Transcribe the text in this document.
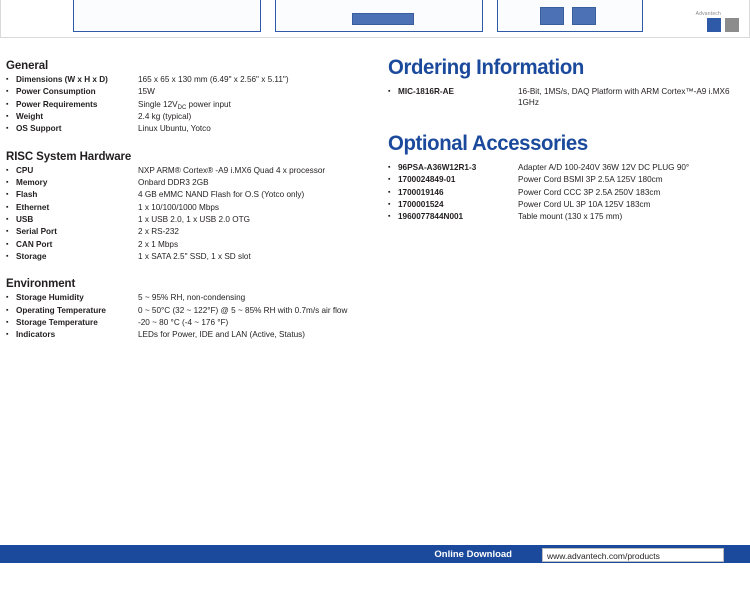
Advantech
General
▪	Dimensions (W x H x D)	165 x 65 x 130 mm (6.49" x 2.56" x 5.11")
▪	Power Consumption	15W
▪	Power Requirements	Single $12V_{DC}$ power input
▪	Weight	2.4 kg (typical)
▪	OS Support	Linux Ubuntu, Yotco
RISC System Hardware
▪	CPU	NXP ARM® Cortex® -A9 i.MX6 Quad 4 x processor
▪	Memory	Onbard DDR3 2GB
▪	Flash	4 GB eMMC NAND Flash for O.S (Yotco only)
▪	Ethernet	1 x 10/100/1000 Mbps
▪	USB	1 x USB 2.0, 1 x USB 2.0 OTG
▪	Serial Port	2 x RS-232
▪	CAN Port	2 x 1 Mbps
▪	Storage	1 x SATA 2.5" SSD, 1 x SD slot
Environment
▪	Storage Humidity	5 ~ 95% RH, non-condensing
▪	Operating Temperature	0 ~ 50°C (32 ~ 122°F) @ 5 ~ 85% RH with 0.7m/s air flow
▪	Storage Temperature	-20 ~ 80 °C (-4 ~ 176 °F)
▪	Indicators	LEDs for Power, IDE and LAN (Active, Status)
Ordering Information
▪	MIC-1816R-AE	16-Bit, 1MS/s, DAQ Platform with ARM Cortex™-A9 i.MX6 1GHz
Optional Accessories
▪	96PSA-A36W12R1-3	Adapter A/D 100-240V 36W 12V DC PLUG 90°
▪	1700024849-01	Power Cord BSMI 3P 2.5A 125V 180cm
▪	1700019146	Power Cord CCC 3P 2.5A 250V 183cm
▪	1700001524	Power Cord UL 3P 10A 125V 183cm
▪	1960077844N001	Table mount (130 x 175 mm)
Online Download	www.advantech.com/products
